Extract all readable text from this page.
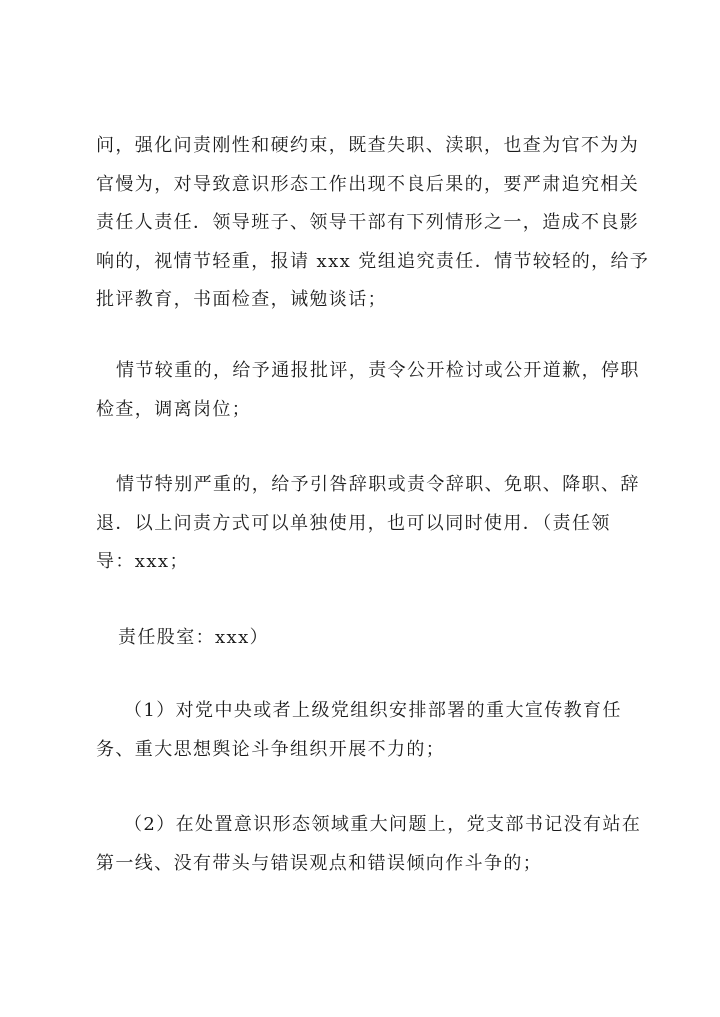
问，强化问责刚性和硬约束，既查失职、渎职，也查为官不为为
官慢为，对导致意识形态工作出现不良后果的，要严肃追究相关
责任人责任．领导班子、领导干部有下列情形之一，造成不良影
响的，视情节轻重，报请 xxx 党组追究责任．情节较轻的，给予
批评教育，书面检查，诫勉谈话；
情节较重的，给予通报批评，责令公开检讨或公开道歉，停职
检查，调离岗位；
情节特别严重的，给予引咎辞职或责令辞职、免职、降职、辞
退．以上问责方式可以单独使用，也可以同时使用．（责任领
导：xxx；
责任股室：xxx）
（1）对党中央或者上级党组织安排部署的重大宣传教育任
务、重大思想舆论斗争组织开展不力的；
（2）在处置意识形态领域重大问题上，党支部书记没有站在
第一线、没有带头与错误观点和错误倾向作斗争的；
